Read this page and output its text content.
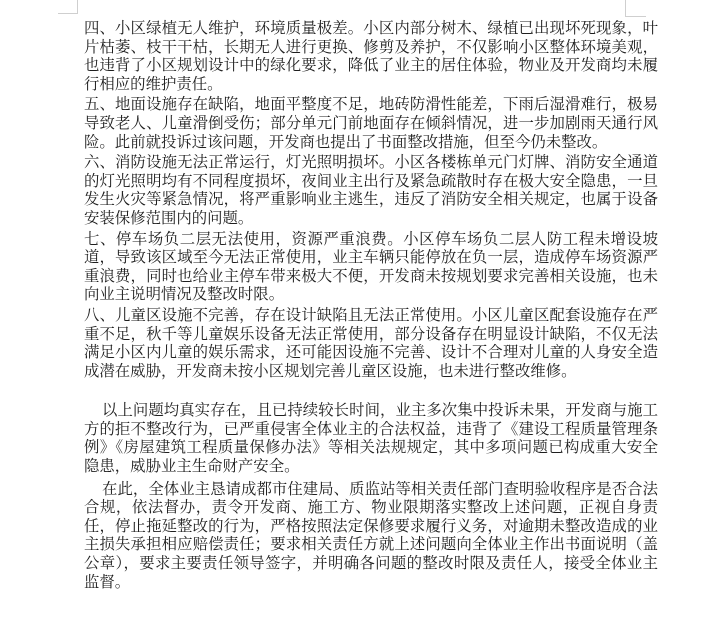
四、小区绿植无人维护，环境质量极差。小区内部分树木、绿植已出现坏死现象，叶片枯萎、枝干干枯，长期无人进行更换、修剪及养护，不仅影响小区整体环境美观，也违背了小区规划设计中的绿化要求，降低了业主的居住体验，物业及开发商均未履行相应的维护责任。

五、地面设施存在缺陷，地面平整度不足，地砖防滑性能差，下雨后湿滑难行，极易导致老人、儿童滑倒受伤；部分单元门前地面存在倾斜情况，进一步加剧雨天通行风险。此前就投诉过该问题，开发商也提出了书面整改措施，但至今仍未整改。

六、消防设施无法正常运行，灯光照明损坏。小区各楼栋单元门灯牌、消防安全通道的灯光照明均有不同程度损坏，夜间业主出行及紧急疏散时存在极大安全隐患，一旦发生火灾等紧急情况，将严重影响业主逃生，违反了消防安全相关规定，也属于设备安装保修范围内的问题。

七、停车场负二层无法使用，资源严重浪费。小区停车场负二层人防工程未增设坡道，导致该区域至今无法正常使用，业主车辆只能停放在负一层，造成停车场资源严重浪费，同时也给业主停车带来极大不便，开发商未按规划要求完善相关设施，也未向业主说明情况及整改时限。

八、儿童区设施不完善，存在设计缺陷且无法正常使用。小区儿童区配套设施存在严重不足，秋千等儿童娱乐设备无法正常使用，部分设备存在明显设计缺陷，不仅无法满足小区内儿童的娱乐需求，还可能因设施不完善、设计不合理对儿童的人身安全造成潜在威胁，开发商未按小区规划完善儿童区设施，也未进行整改维修。

以上问题均真实存在，且已持续较长时间，业主多次集中投诉未果，开发商与施工方的拒不整改行为，已严重侵害全体业主的合法权益，违背了《建设工程质量管理条例》《房屋建筑工程质量保修办法》等相关法规规定，其中多项问题已构成重大安全隐患，威胁业主生命财产安全。

在此，全体业主恳请成都市住建局、质监站等相关责任部门查明验收程序是否合法合规，依法督办，责令开发商、施工方、物业限期落实整改上述问题，正视自身责任，停止拖延整改的行为，严格按照法定保修要求履行义务，对逾期未整改造成的业主损失承担相应赔偿责任；要求相关责任方就上述问题向全体业主作出书面说明（盖公章），要求主要责任领导签字，并明确各问题的整改时限及责任人，接受全体业主监督。
